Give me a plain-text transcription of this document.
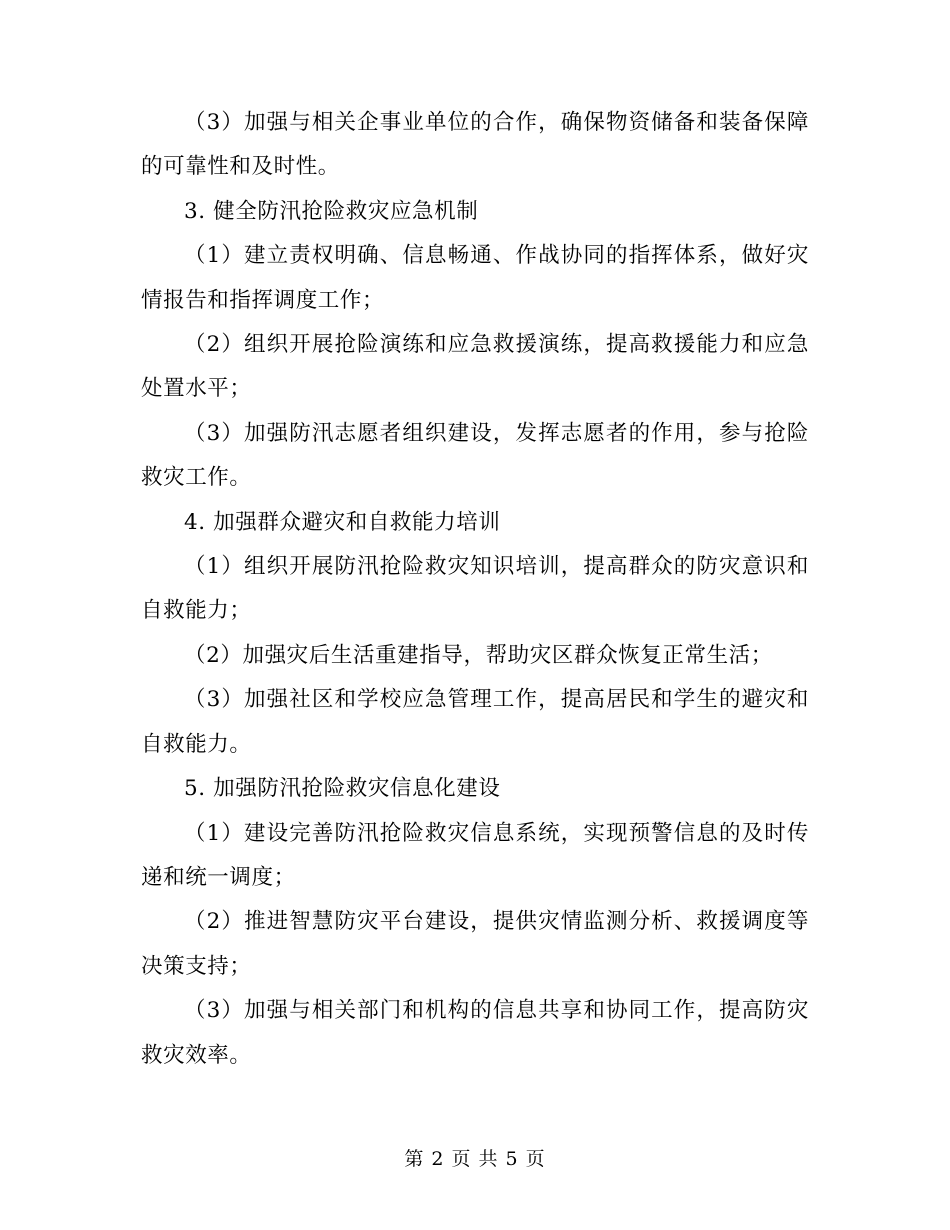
（3）加强与相关企事业单位的合作，确保物资储备和装备保障的可靠性和及时性。

3. 健全防汛抢险救灾应急机制

（1）建立责权明确、信息畅通、作战协同的指挥体系，做好灾情报告和指挥调度工作；

（2）组织开展抢险演练和应急救援演练，提高救援能力和应急处置水平；

（3）加强防汛志愿者组织建设，发挥志愿者的作用，参与抢险救灾工作。

4. 加强群众避灾和自救能力培训

（1）组织开展防汛抢险救灾知识培训，提高群众的防灾意识和自救能力；

（2）加强灾后生活重建指导，帮助灾区群众恢复正常生活；

（3）加强社区和学校应急管理工作，提高居民和学生的避灾和自救能力。

5. 加强防汛抢险救灾信息化建设

（1）建设完善防汛抢险救灾信息系统，实现预警信息的及时传递和统一调度；

（2）推进智慧防灾平台建设，提供灾情监测分析、救援调度等决策支持；

（3）加强与相关部门和机构的信息共享和协同工作，提高防灾救灾效率。

第 2 页 共 5 页
